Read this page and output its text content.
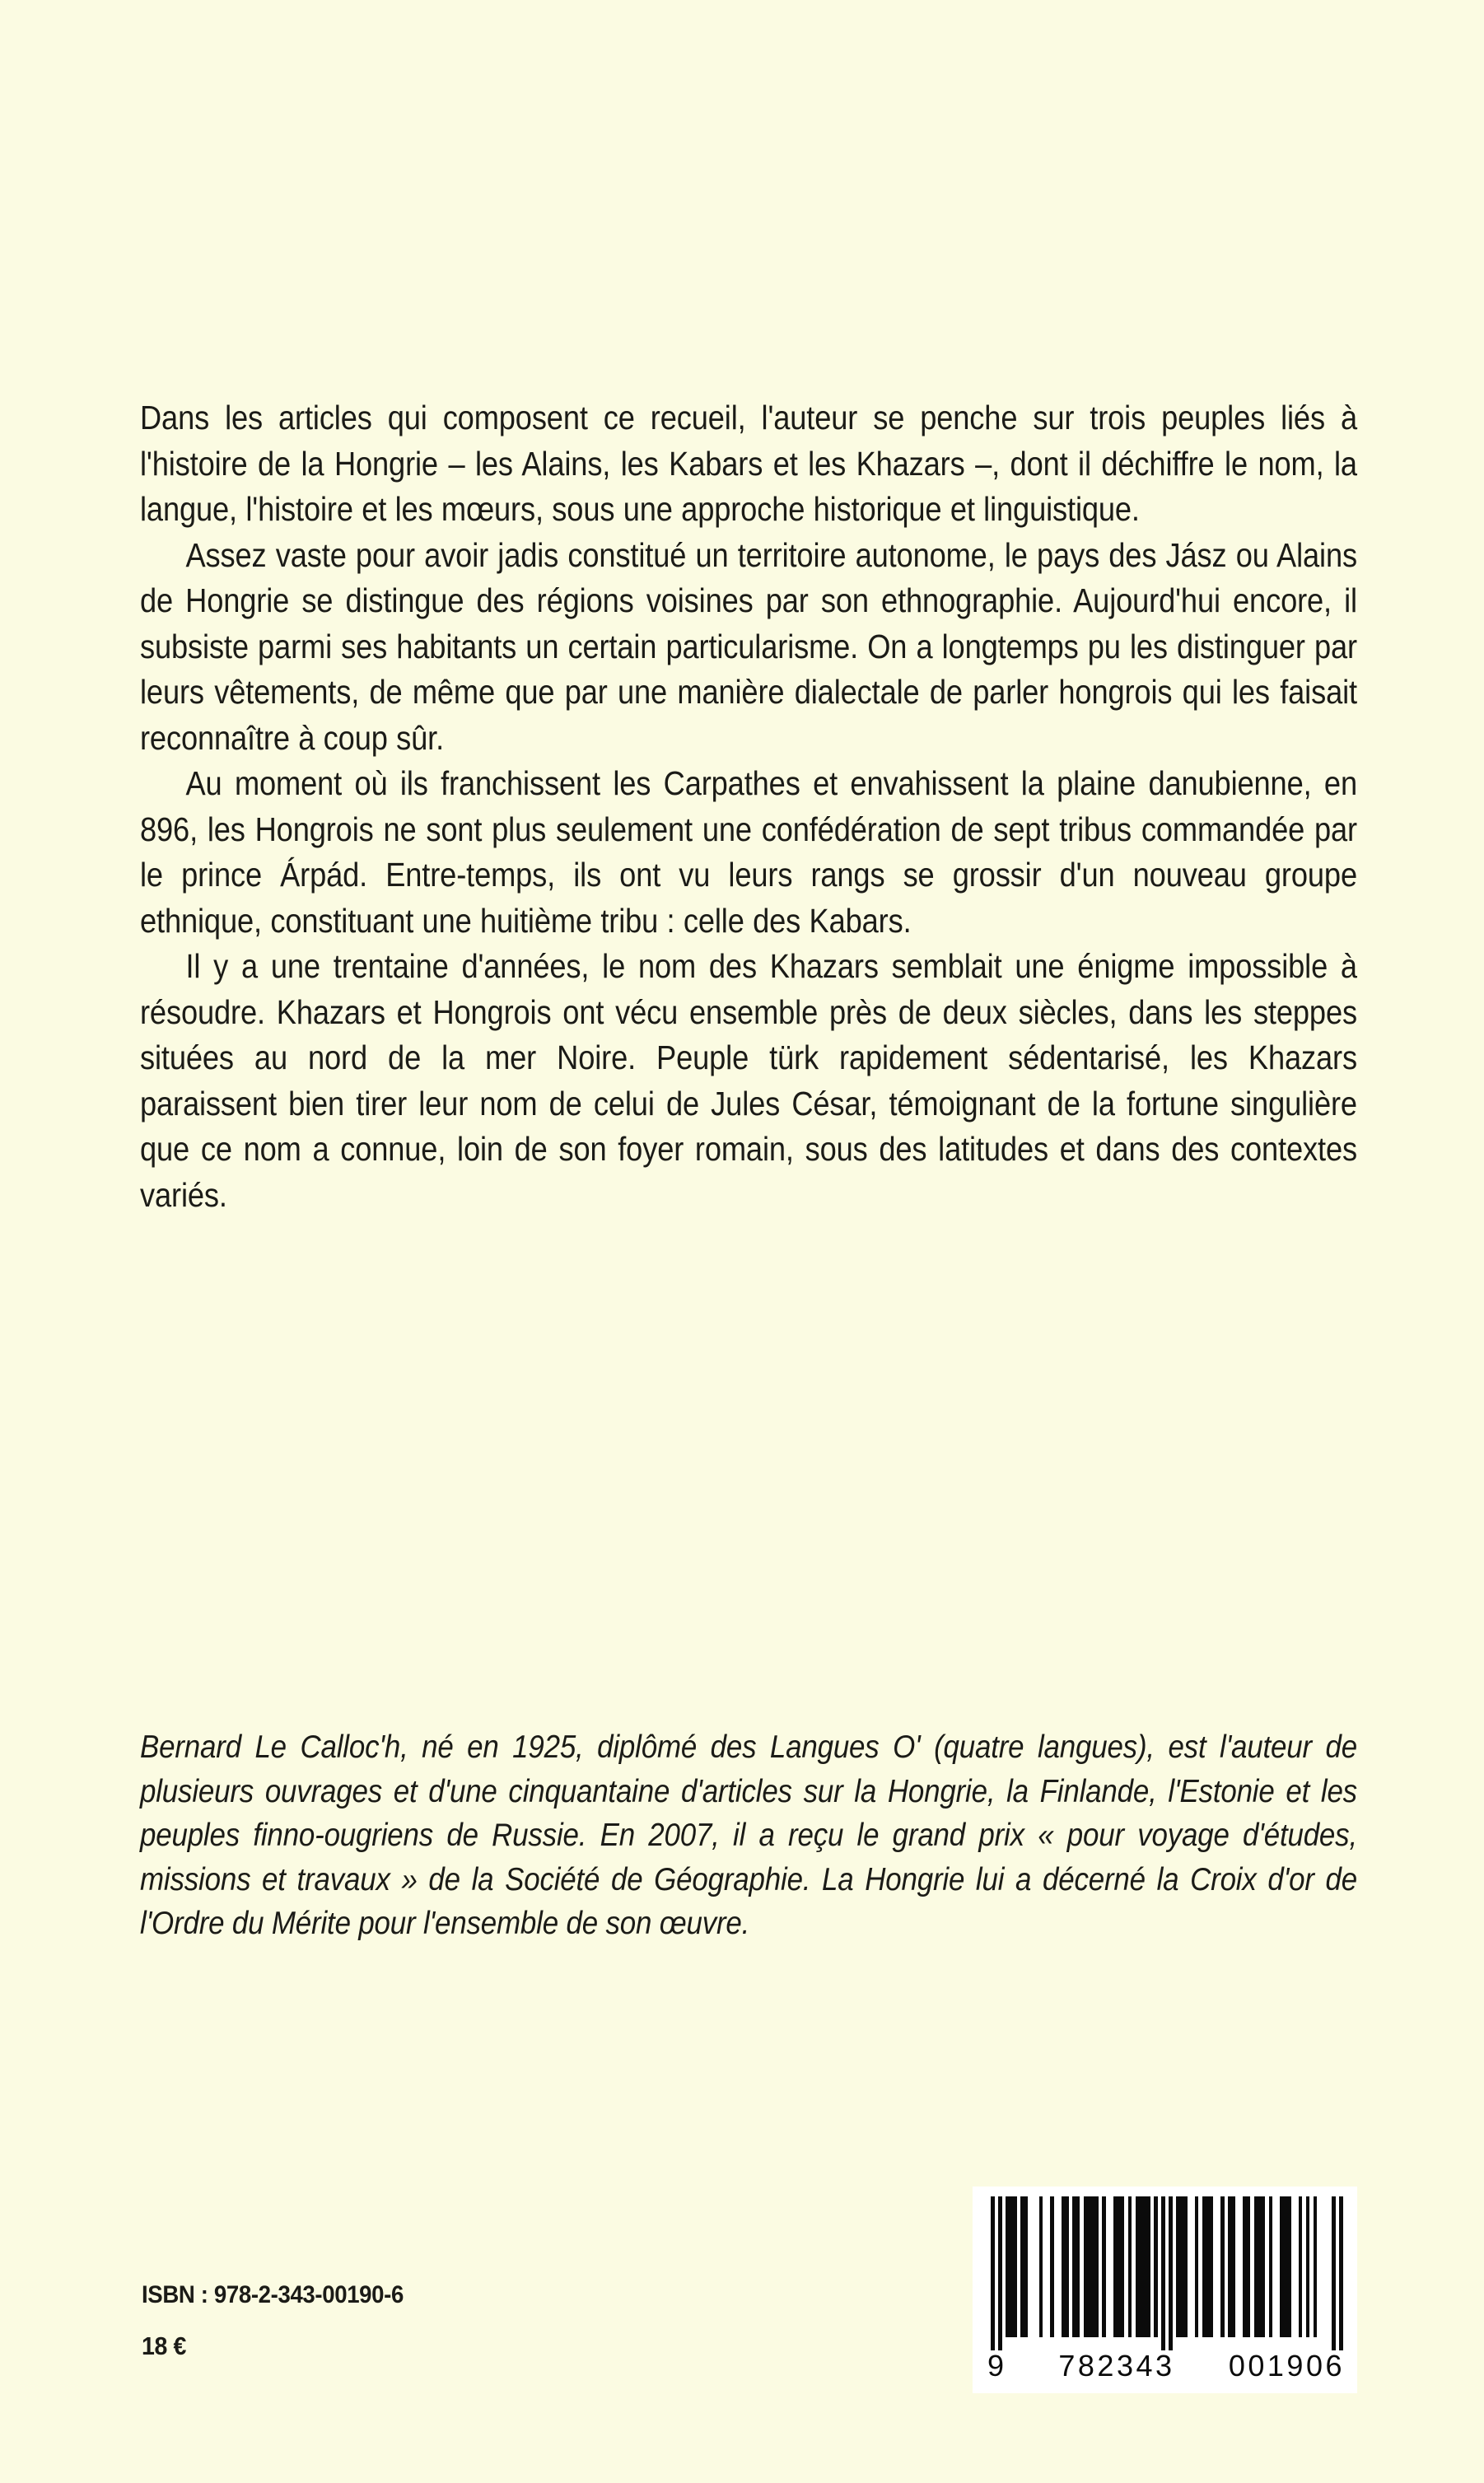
Dans les articles qui composent ce recueil, l'auteur se penche sur trois peuples liés à l'histoire de la Hongrie – les Alains, les Kabars et les Khazars –, dont il déchiffre le nom, la langue, l'histoire et les mœurs, sous une approche historique et linguistique.

Assez vaste pour avoir jadis constitué un territoire autonome, le pays des Jász ou Alains de Hongrie se distingue des régions voisines par son ethnographie. Aujourd'hui encore, il subsiste parmi ses habitants un certain particularisme. On a longtemps pu les distinguer par leurs vêtements, de même que par une manière dialectale de parler hongrois qui les faisait reconnaître à coup sûr.

Au moment où ils franchissent les Carpathes et envahissent la plaine danubienne, en 896, les Hongrois ne sont plus seulement une confédération de sept tribus commandée par le prince Árpád. Entre-temps, ils ont vu leurs rangs se grossir d'un nouveau groupe ethnique, constituant une huitième tribu : celle des Kabars.

Il y a une trentaine d'années, le nom des Khazars semblait une énigme impossible à résoudre. Khazars et Hongrois ont vécu ensemble près de deux siècles, dans les steppes situées au nord de la mer Noire. Peuple türk rapidement sédentarisé, les Khazars paraissent bien tirer leur nom de celui de Jules César, témoignant de la fortune singulière que ce nom a connue, loin de son foyer romain, sous des latitudes et dans des contextes variés.

Bernard Le Calloc'h, né en 1925, diplômé des Langues O' (quatre langues), est l'auteur de plusieurs ouvrages et d'une cinquantaine d'articles sur la Hongrie, la Finlande, l'Estonie et les peuples finno-ougriens de Russie. En 2007, il a reçu le grand prix « pour voyage d'études, missions et travaux » de la Société de Géographie. La Hongrie lui a décerné la Croix d'or de l'Ordre du Mérite pour l'ensemble de son œuvre.

ISBN : 978-2-343-00190-6
18 €
9 782343 001906
